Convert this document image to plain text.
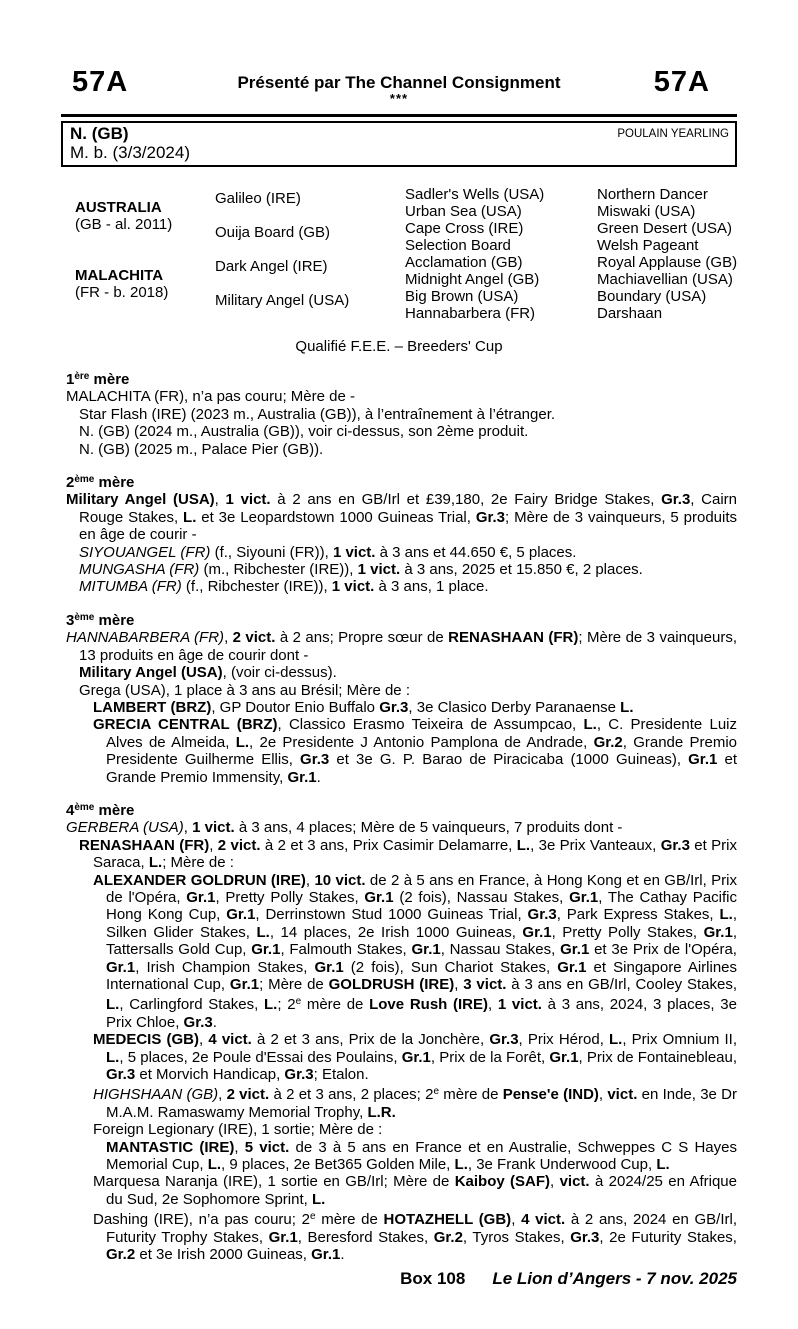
57A	Présenté par The Channel Consignment
***
57A
N. (GB)
M. b. (3/3/2024)
POULAIN YEARLING
AUSTRALIA
(GB - al. 2011)
MALACHITA
(FR - b. 2018)
Galileo (IRE)
Ouija Board (GB)
Dark Angel (IRE)
Military Angel (USA)
Sadler's Wells (USA)
Urban Sea (USA)
Cape Cross (IRE)
Selection Board
Acclamation (GB)
Midnight Angel (GB)
Big Brown (USA)
Hannabarbera (FR)
Northern Dancer
Miswaki (USA)
Green Desert (USA)
Welsh Pageant
Royal Applause (GB)
Machiavellian (USA)
Boundary (USA)
Darshaan
Qualifié F.E.E. – Breeders' Cup

1ère mère

MALACHITA (FR), n’a pas couru; Mère de -

Star Flash (IRE) (2023 m., Australia (GB)), à l’entraînement à l’étranger.

N. (GB) (2024 m., Australia (GB)), voir ci-dessus, son 2ème produit.

N. (GB) (2025 m., Palace Pier (GB)).

2ème mère

Military Angel (USA), 1 vict. à 2 ans en GB/Irl et £39,180, 2e Fairy Bridge Stakes, Gr.3, Cairn Rouge Stakes, L. et 3e Leopardstown 1000 Guineas Trial, Gr.3; Mère de 3 vainqueurs, 5 produits en âge de courir -

SIYOUANGEL (FR) (f., Siyouni (FR)), 1 vict. à 3 ans et 44.650 €, 5 places.

MUNGASHA (FR) (m., Ribchester (IRE)), 1 vict. à 3 ans, 2025 et 15.850 €, 2 places.

MITUMBA (FR) (f., Ribchester (IRE)), 1 vict. à 3 ans, 1 place.

3ème mère

HANNABARBERA (FR), 2 vict. à 2 ans; Propre sœur de RENASHAAN (FR); Mère de 3 vainqueurs, 13 produits en âge de courir dont -

Military Angel (USA), (voir ci-dessus).

Grega (USA), 1 place à 3 ans au Brésil; Mère de :

LAMBERT (BRZ), GP Doutor Enio Buffalo Gr.3, 3e Clasico Derby Paranaense L.

GRECIA CENTRAL (BRZ), Classico Erasmo Teixeira de Assumpcao, L., C. Presidente Luiz Alves de Almeida, L., 2e Presidente J Antonio Pamplona de Andrade, Gr.2, Grande Premio Presidente Guilherme Ellis, Gr.3 et 3e G. P. Barao de Piracicaba (1000 Guineas), Gr.1 et Grande Premio Immensity, Gr.1.

4ème mère

GERBERA (USA), 1 vict. à 3 ans, 4 places; Mère de 5 vainqueurs, 7 produits dont -

RENASHAAN (FR), 2 vict. à 2 et 3 ans, Prix Casimir Delamarre, L., 3e Prix Vanteaux, Gr.3 et Prix Saraca, L.; Mère de :

ALEXANDER GOLDRUN (IRE), 10 vict. de 2 à 5 ans en France, à Hong Kong et en GB/Irl, Prix de l'Opéra, Gr.1, Pretty Polly Stakes, Gr.1 (2 fois), Nassau Stakes, Gr.1, The Cathay Pacific Hong Kong Cup, Gr.1, Derrinstown Stud 1000 Guineas Trial, Gr.3, Park Express Stakes, L., Silken Glider Stakes, L., 14 places, 2e Irish 1000 Guineas, Gr.1, Pretty Polly Stakes, Gr.1, Tattersalls Gold Cup, Gr.1, Falmouth Stakes, Gr.1, Nassau Stakes, Gr.1 et 3e Prix de l'Opéra, Gr.1, Irish Champion Stakes, Gr.1 (2 fois), Sun Chariot Stakes, Gr.1 et Singapore Airlines International Cup, Gr.1; Mère de GOLDRUSH (IRE), 3 vict. à 3 ans en GB/Irl, Cooley Stakes, L., Carlingford Stakes, L.; 2e mère de Love Rush (IRE), 1 vict. à 3 ans, 2024, 3 places, 3e Prix Chloe, Gr.3.

MEDECIS (GB), 4 vict. à 2 et 3 ans, Prix de la Jonchère, Gr.3, Prix Hérod, L., Prix Omnium II, L., 5 places, 2e Poule d'Essai des Poulains, Gr.1, Prix de la Forêt, Gr.1, Prix de Fontainebleau, Gr.3 et Morvich Handicap, Gr.3; Etalon.

HIGHSHAAN (GB), 2 vict. à 2 et 3 ans, 2 places; 2e mère de Pense'e (IND), vict. en Inde, 3e Dr M.A.M. Ramaswamy Memorial Trophy, L.R.

Foreign Legionary (IRE), 1 sortie; Mère de :

MANTASTIC (IRE), 5 vict. de 3 à 5 ans en France et en Australie, Schweppes C S Hayes Memorial Cup, L., 9 places, 2e Bet365 Golden Mile, L., 3e Frank Underwood Cup, L.

Marquesa Naranja (IRE), 1 sortie en GB/Irl; Mère de Kaiboy (SAF), vict. à 2024/25 en Afrique du Sud, 2e Sophomore Sprint, L.

Dashing (IRE), n’a pas couru; 2e mère de HOTAZHELL (GB), 4 vict. à 2 ans, 2024 en GB/Irl, Futurity Trophy Stakes, Gr.1, Beresford Stakes, Gr.2, Tyros Stakes, Gr.3, 2e Futurity Stakes, Gr.2 et 3e Irish 2000 Guineas, Gr.1.

Box 108 Le Lion d’Angers - 7 nov. 2025
